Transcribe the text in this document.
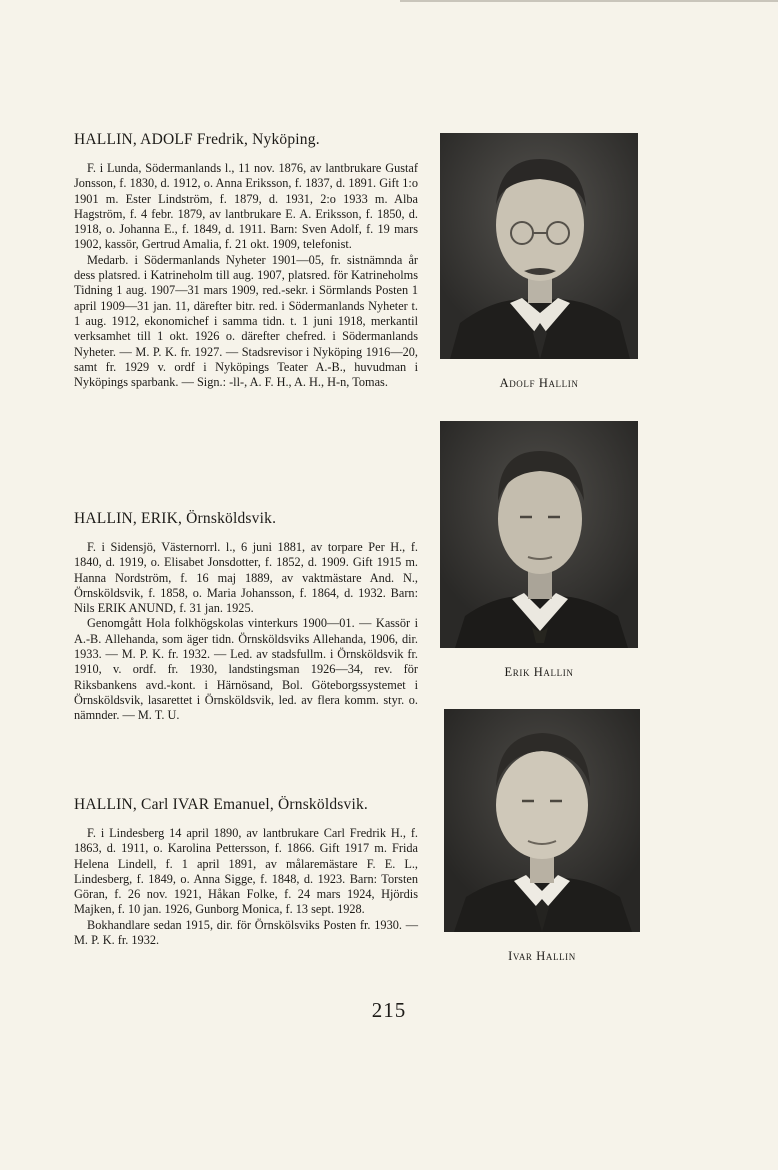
HALLIN, ADOLF Fredrik, Nyköping.

F. i Lunda, Södermanlands l., 11 nov. 1876, av lantbrukare Gustaf Jonsson, f. 1830, d. 1912, o. Anna Eriksson, f. 1837, d. 1891. Gift 1:o 1901 m. Ester Lindström, f. 1879, d. 1931, 2:o 1933 m. Alba Hagström, f. 4 febr. 1879, av lantbrukare E. A. Eriksson, f. 1850, d. 1918, o. Johanna E., f. 1849, d. 1911. Barn: Sven Adolf, f. 19 mars 1902, kassör, Gertrud Amalia, f. 21 okt. 1909, telefonist.

Medarb. i Södermanlands Nyheter 1901—05, fr. sistnämnda år dess platsred. i Katrineholm till aug. 1907, platsred. för Katrineholms Tidning 1 aug. 1907—31 mars 1909, red.-sekr. i Sörmlands Posten 1 april 1909—31 jan. 11, därefter bitr. red. i Södermanlands Nyheter t. 1 aug. 1912, ekonomichef i samma tidn. t. 1 juni 1918, merkantil verksamhet till 1 okt. 1926 o. därefter chefred. i Södermanlands Nyheter. — M. P. K. fr. 1927. — Stadsrevisor i Nyköping 1916—20, samt fr. 1929 v. ordf i Nyköpings Teater A.-B., huvudman i Nyköpings sparbank. — Sign.: -ll-, A. F. H., A. H., H-n, Tomas.	Adolf Hallin
HALLIN, ERIK, Örnsköldsvik.

F. i Sidensjö, Västernorrl. l., 6 juni 1881, av torpare Per H., f. 1840, d. 1919, o. Elisabet Jonsdotter, f. 1852, d. 1909. Gift 1915 m. Hanna Nordström, f. 16 maj 1889, av vaktmästare And. N., Örnsköldsvik, f. 1858, o. Maria Johansson, f. 1864, d. 1932. Barn: Nils ERIK ANUND, f. 31 jan. 1925.

Genomgått Hola folkhögskolas vinterkurs 1900—01. — Kassör i A.-B. Allehanda, som äger tidn. Örnsköldsviks Allehanda, 1906, dir. 1933. — M. P. K. fr. 1932. — Led. av stadsfullm. i Örnsköldsvik fr. 1910, v. ordf. fr. 1930, landstingsman 1926—34, rev. för Riksbankens avd.-kont. i Härnösand, Bol. Göteborgssystemet i Örnsköldsvik, lasarettet i Örnsköldsvik, led. av flera komm. styr. o. nämnder. — M. T. U.

Erik Hallin
HALLIN, Carl IVAR Emanuel, Örnsköldsvik.

F. i Lindesberg 14 april 1890, av lantbrukare Carl Fredrik H., f. 1863, d. 1911, o. Karolina Pettersson, f. 1866. Gift 1917 m. Frida Helena Lindell, f. 1 april 1891, av målaremästare F. E. L., Lindesberg, f. 1849, o. Anna Sigge, f. 1848, d. 1923. Barn: Torsten Göran, f. 26 nov. 1921, Håkan Folke, f. 24 mars 1924, Hjördis Majken, f. 10 jan. 1926, Gunborg Monica, f. 13 sept. 1928.

Bokhandlare sedan 1915, dir. för Örnskölsviks Posten fr. 1930. — M. P. K. fr. 1932.

Ivar Hallin
215
